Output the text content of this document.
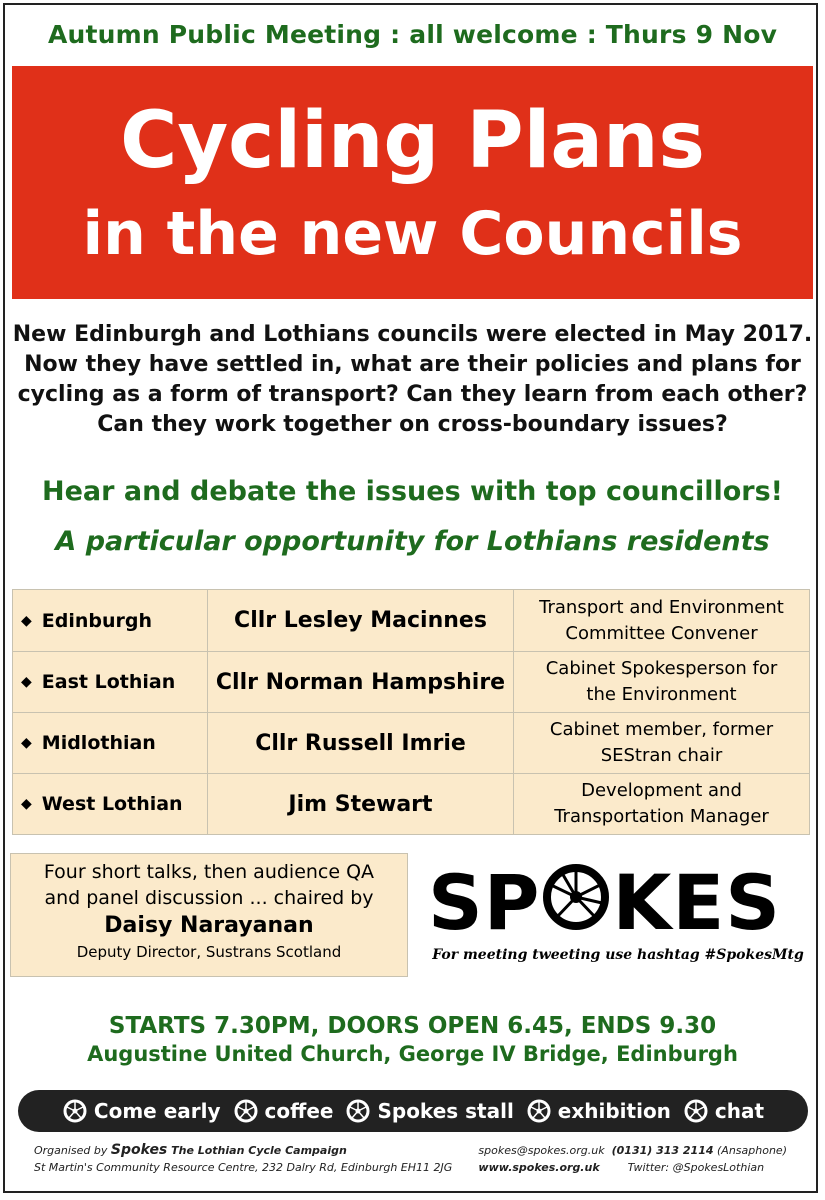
Autumn Public Meeting : all welcome : Thurs 9 Nov
Cycling Plans
in the new Councils
New Edinburgh and Lothians councils were elected in May 2017.
Now they have settled in, what are their policies and plans for
cycling as a form of transport? Can they learn from each other?
Can they work together on cross-boundary issues?
Hear and debate the issues with top councillors!
A particular opportunity for Lothians residents
◆ Edinburgh	Cllr Lesley Macinnes
Transport and Environment
Committee Convener
◆ East Lothian	Cllr Norman Hampshire
Cabinet Spokesperson for
the Environment
◆ Midlothian	Cllr Russell Imrie
Cabinet member, former
SEStran chair
◆ West Lothian	Jim Stewart
Development and
Transportation Manager
Four short talks, then audience QA
and panel discussion ... chaired by
Daisy Narayanan
Deputy Director, Sustrans Scotland
SP KES
For meeting tweeting use hashtag #SpokesMtg
STARTS 7.30PM, DOORS OPEN 6.45, ENDS 9.30
Augustine United Church, George IV Bridge, Edinburgh
Come early coffee Spokes stall exhibition chat
Organised by Spokes The Lothian Cycle Campaign
St Martin's Community Resource Centre, 232 Dalry Rd, Edinburgh EH11 2JG
spokes@spokes.org.uk (0131) 313 2114 (Ansaphone)
www.spokes.org.uk	Twitter: @SpokesLothian
